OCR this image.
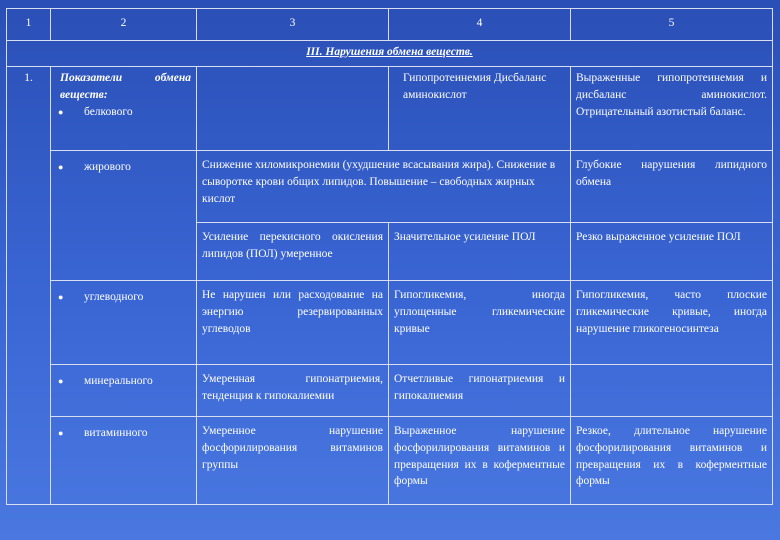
1	2	3	4	5
III. Нарушения обмена веществ.				
1.	Показатели обмена веществ:
● белкового		Гипопротеинемия Дисбаланс аминокислот	Выраженные гипопротеинемия и дисбаланс аминокислот. Отрицательный азотистый баланс.

	● жирового	Снижение хиломикронемии (ухудшение всасывания жира). Снижение в сыворотке крови общих липидов. Повышение – свободных жирных кислот		Глубокие нарушения липидного обмена
		Усиление перекисного окисления липидов (ПОЛ) умеренное	Значительное усиление ПОЛ	Резко выраженное усиление ПОЛ

	● углеводного	Не нарушен или расходование на энергию резервированных углеводов	Гипогликемия, иногда уплощенные гликемические кривые	Гипогликемия, часто плоские гликемические кривые, иногда нарушение гликогеносинтеза

	● минерального	Умеренная гипонатриемия, тенденция к гипокалиемии	Отчетливые гипонатриемия и гипокалиемия	

	● витаминного	Умеренное нарушение фосфорилирования витаминов группы	Выраженное нарушение фосфорилирования витаминов и превращения их в коферментные формы	Резкое, длительное нарушение фосфорилирования витаминов и превращения их в коферментные формы
